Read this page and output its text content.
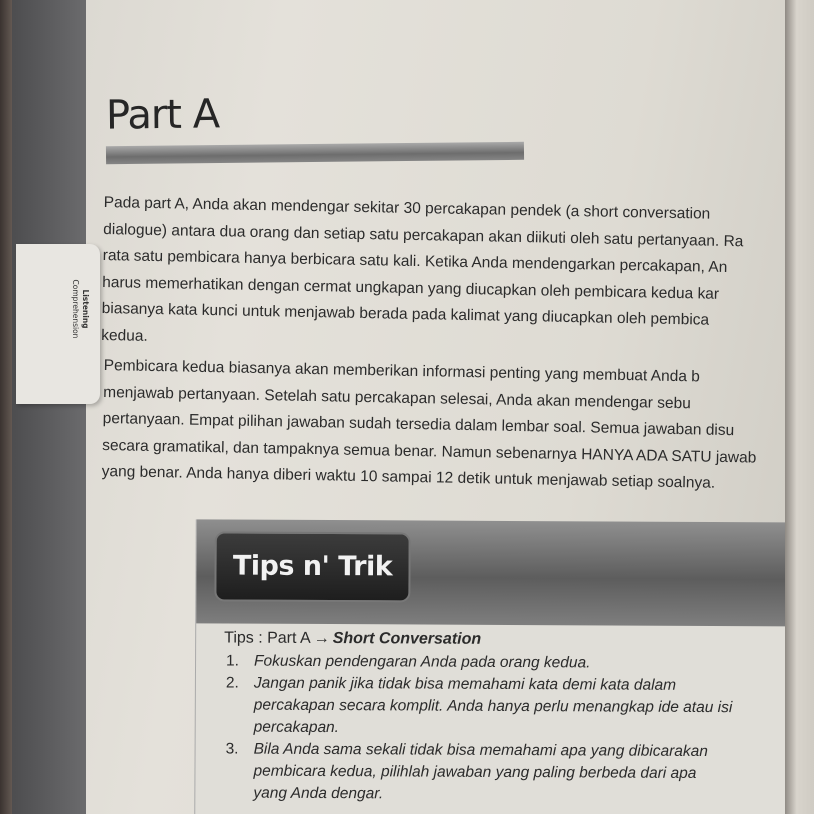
Listening
Comprehension
Part A

Pada part A, Anda akan mendengar sekitar 30 percakapan pendek (a short conversation

dialogue) antara dua orang dan setiap satu percakapan akan diikuti oleh satu pertanyaan. Ra

rata satu pembicara hanya berbicara satu kali. Ketika Anda mendengarkan percakapan, An

harus memerhatikan dengan cermat ungkapan yang diucapkan oleh pembicara kedua kar

biasanya kata kunci untuk menjawab berada pada kalimat yang diucapkan oleh pembica

kedua.

Pembicara kedua biasanya akan memberikan informasi penting yang membuat Anda b

menjawab pertanyaan. Setelah satu percakapan selesai, Anda akan mendengar sebu

pertanyaan. Empat pilihan jawaban sudah tersedia dalam lembar soal. Semua jawaban disu

secara gramatikal, dan tampaknya semua benar. Namun sebenarnya HANYA ADA SATU jawab

yang benar. Anda hanya diberi waktu 10 sampai 12 detik untuk menjawab setiap soalnya.

Tips n' Trik
Tips : Part A → Short Conversation
1. Fokuskan pendengaran Anda pada orang kedua.
2. Jangan panik jika tidak bisa memahami kata demi kata dalam
percakapan secara komplit. Anda hanya perlu menangkap ide atau isi
percakapan.
3. Bila Anda sama sekali tidak bisa memahami apa yang dibicarakan
pembicara kedua, pilihlah jawaban yang paling berbeda dari apa
yang Anda dengar.
